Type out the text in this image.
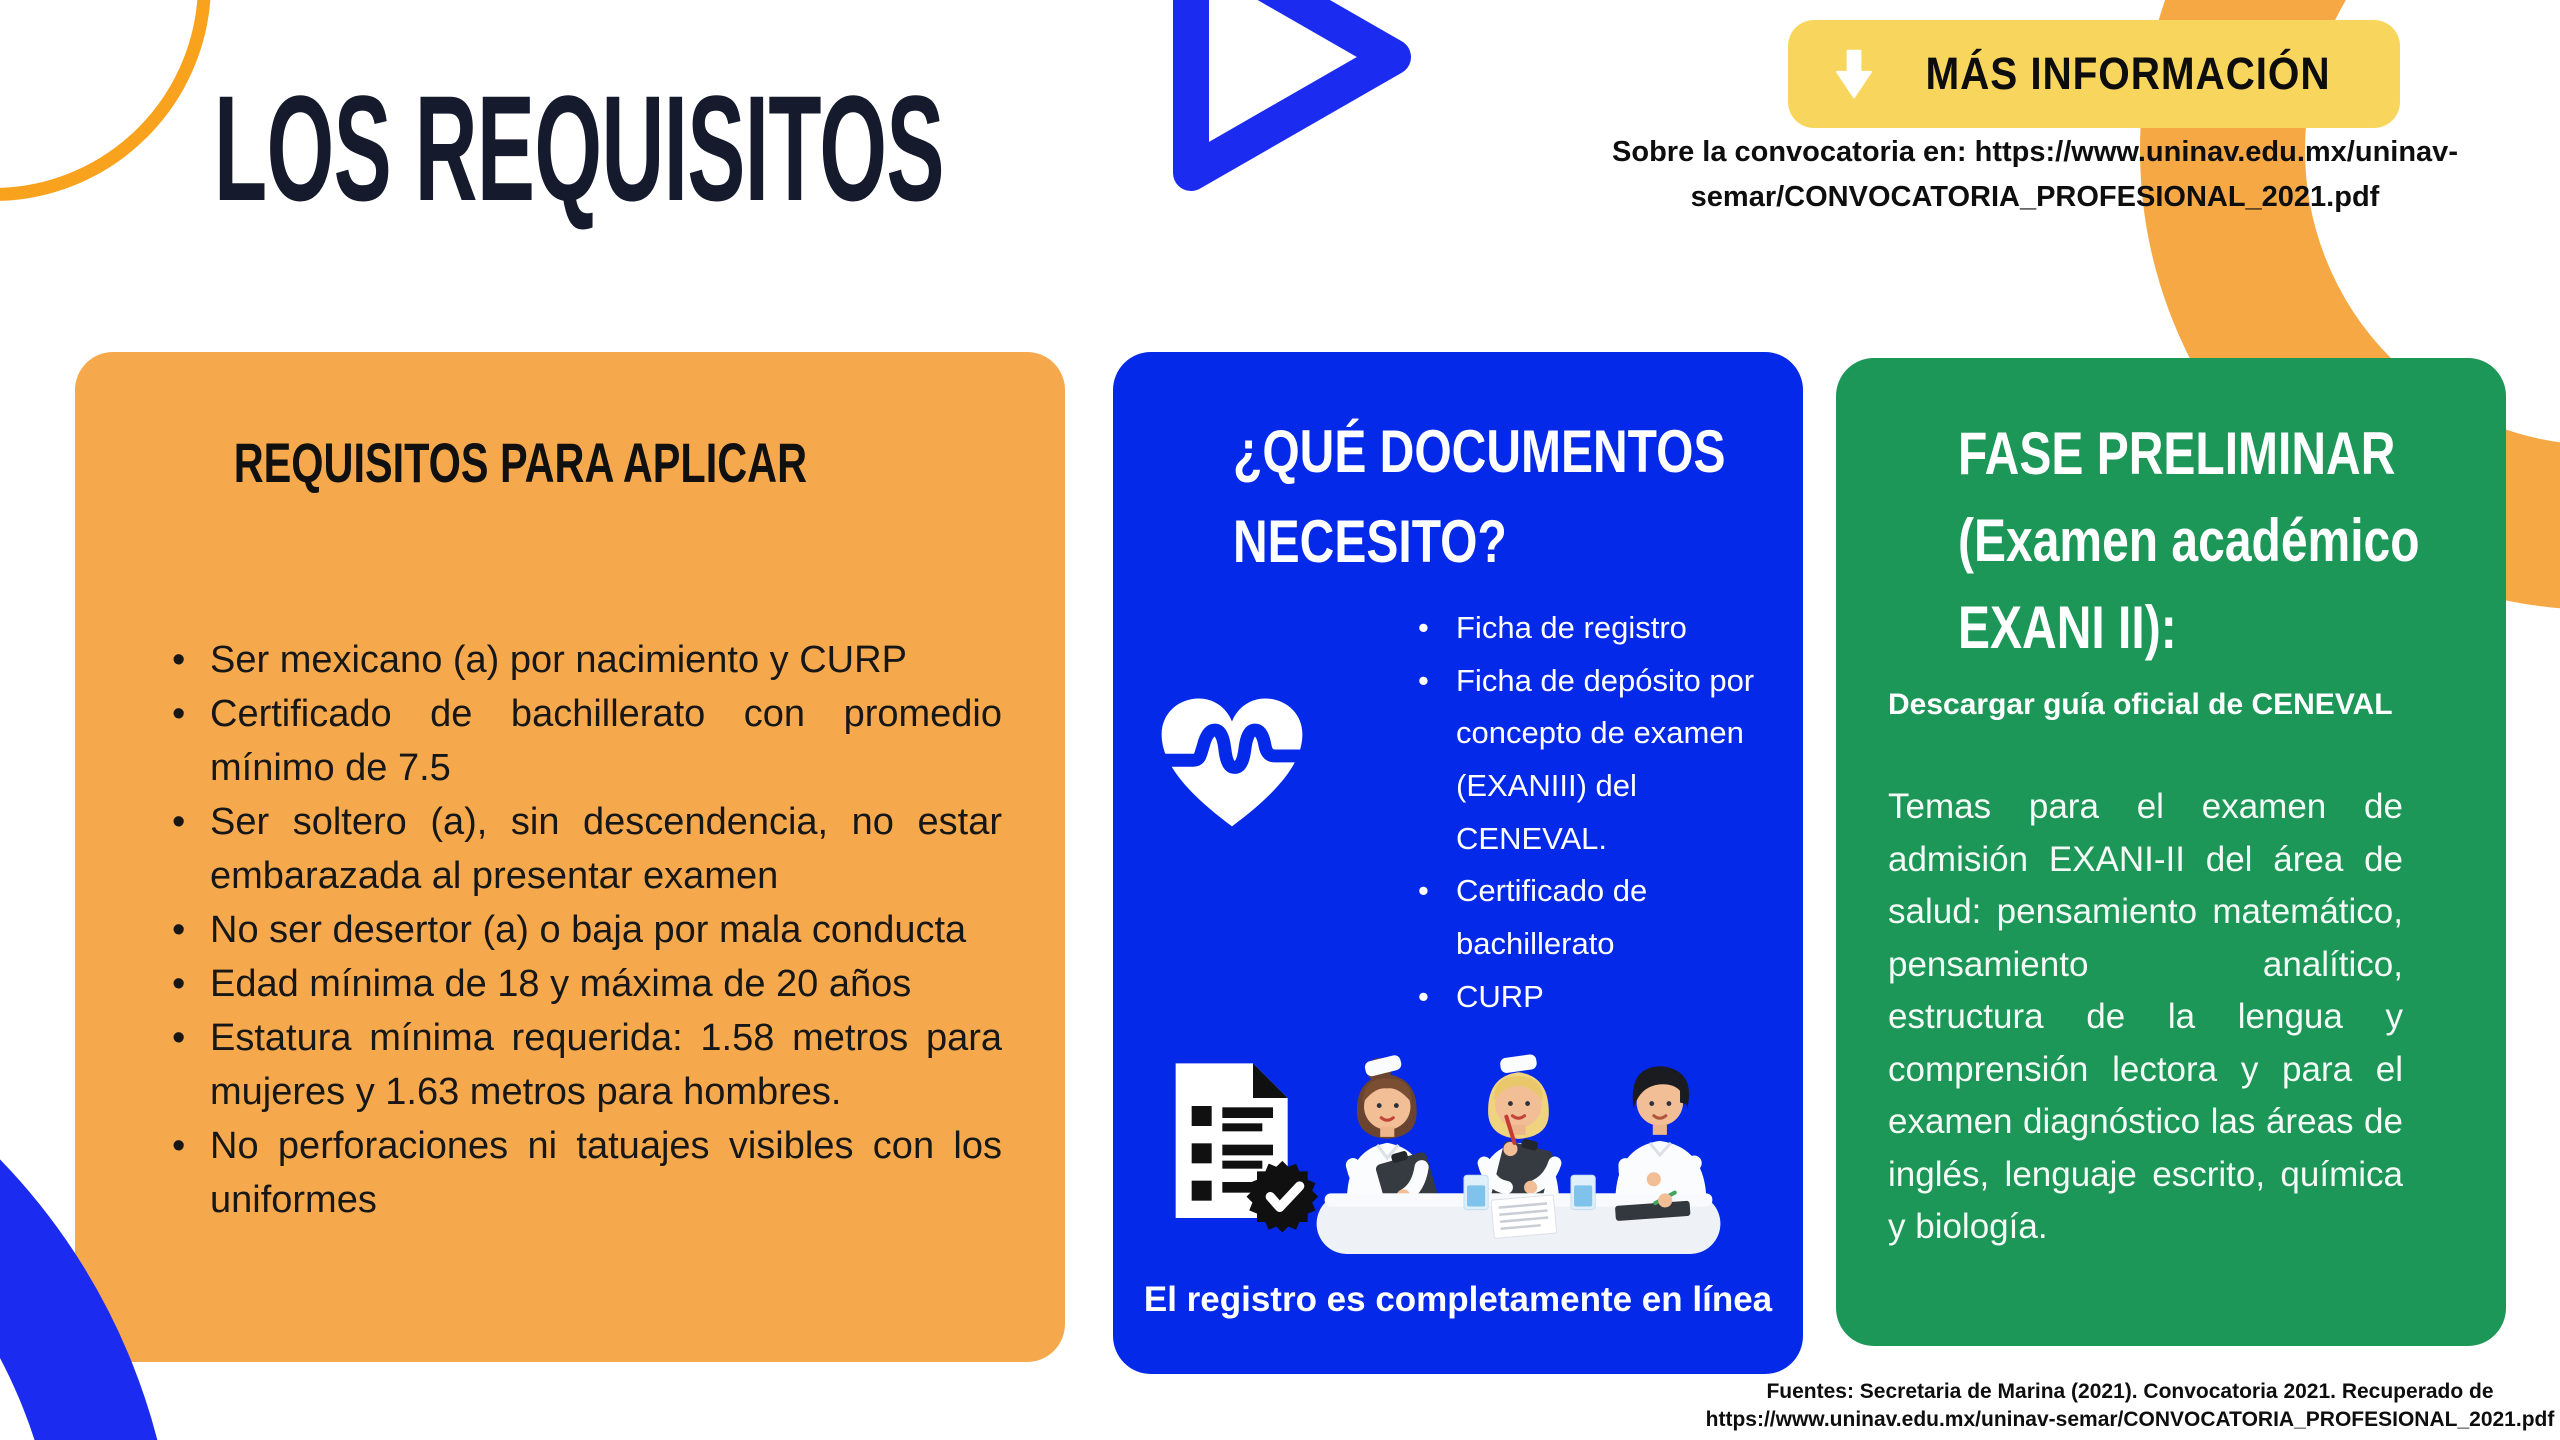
LOS REQUISITOS	MÁS INFORMACIÓN
Sobre la convocatoria en: https://www.uninav.edu.mx/uninav-
semar/CONVOCATORIA_PROFESIONAL_2021.pdf
REQUISITOS PARA APLICAR
• Ser mexicano (a) por nacimiento y CURP
• Certificado de bachillerato con promedio mínimo de 7.5
• Ser soltero (a), sin descendencia, no estar embarazada al presentar examen
• No ser desertor (a) o baja por mala conducta
• Edad mínima de 18 y máxima de 20 años
• Estatura mínima requerida: 1.58 metros para mujeres y 1.63 metros para hombres.
• No perforaciones ni tatuajes visibles con los uniformes
¿QUÉ DOCUMENTOS NECESITO?
• Ficha de registro
• Ficha de depósito por concepto de examen (EXANIII) del CENEVAL.
• Certificado de bachillerato
• CURP
El registro es completamente en línea
FASE PRELIMINAR (Examen académico EXANI II):
Descargar guía oficial de CENEVAL

Temas para el examen de admisión EXANI-II del área de salud: pensamiento matemático, pensamiento analítico, estructura de la lengua y comprensión lectora y para el examen diagnóstico las áreas de inglés, lenguaje escrito, química y biología.

Fuentes: Secretaria de Marina (2021). Convocatoria 2021. Recuperado de
https://www.uninav.edu.mx/uninav-semar/CONVOCATORIA_PROFESIONAL_2021.pdf
